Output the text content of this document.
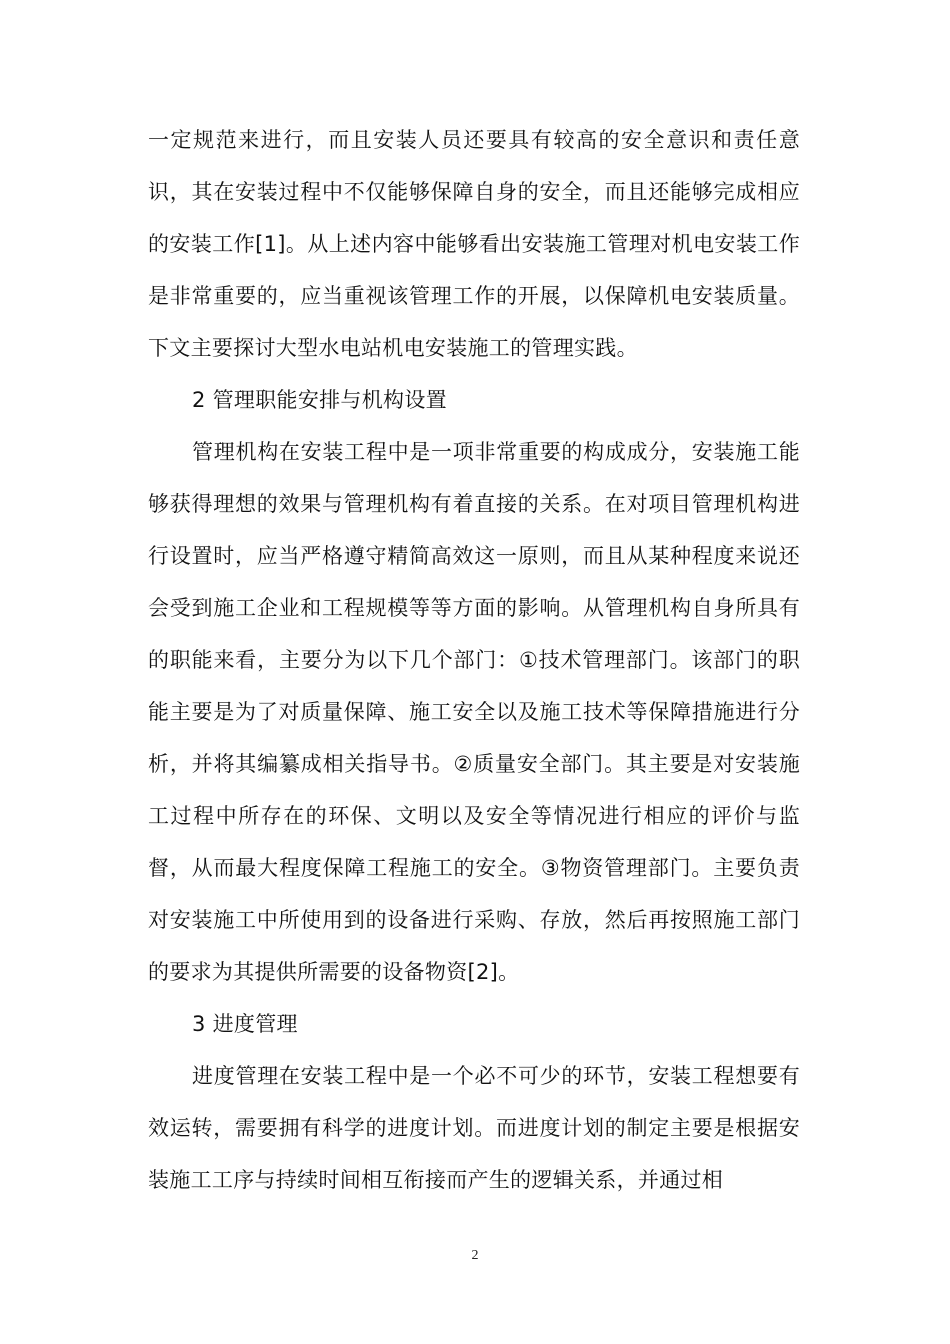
一定规范来进行，而且安装人员还要具有较高的安全意识和责任意识，其在安装过程中不仅能够保障自身的安全，而且还能够完成相应的安装工作[1]。从上述内容中能够看出安装施工管理对机电安装工作是非常重要的，应当重视该管理工作的开展，以保障机电安装质量。下文主要探讨大型水电站机电安装施工的管理实践。

2 管理职能安排与机构设置

管理机构在安装工程中是一项非常重要的构成成分，安装施工能够获得理想的效果与管理机构有着直接的关系。在对项目管理机构进行设置时，应当严格遵守精简高效这一原则，而且从某种程度来说还会受到施工企业和工程规模等等方面的影响。从管理机构自身所具有的职能来看，主要分为以下几个部门：①技术管理部门。该部门的职能主要是为了对质量保障、施工安全以及施工技术等保障措施进行分析，并将其编纂成相关指导书。②质量安全部门。其主要是对安装施工过程中所存在的环保、文明以及安全等情况进行相应的评价与监督，从而最大程度保障工程施工的安全。③物资管理部门。主要负责对安装施工中所使用到的设备进行采购、存放，然后再按照施工部门的要求为其提供所需要的设备物资[2]。

3 进度管理

进度管理在安装工程中是一个必不可少的环节，安装工程想要有效运转，需要拥有科学的进度计划。而进度计划的制定主要是根据安装施工工序与持续时间相互衔接而产生的逻辑关系，并通过相

2
